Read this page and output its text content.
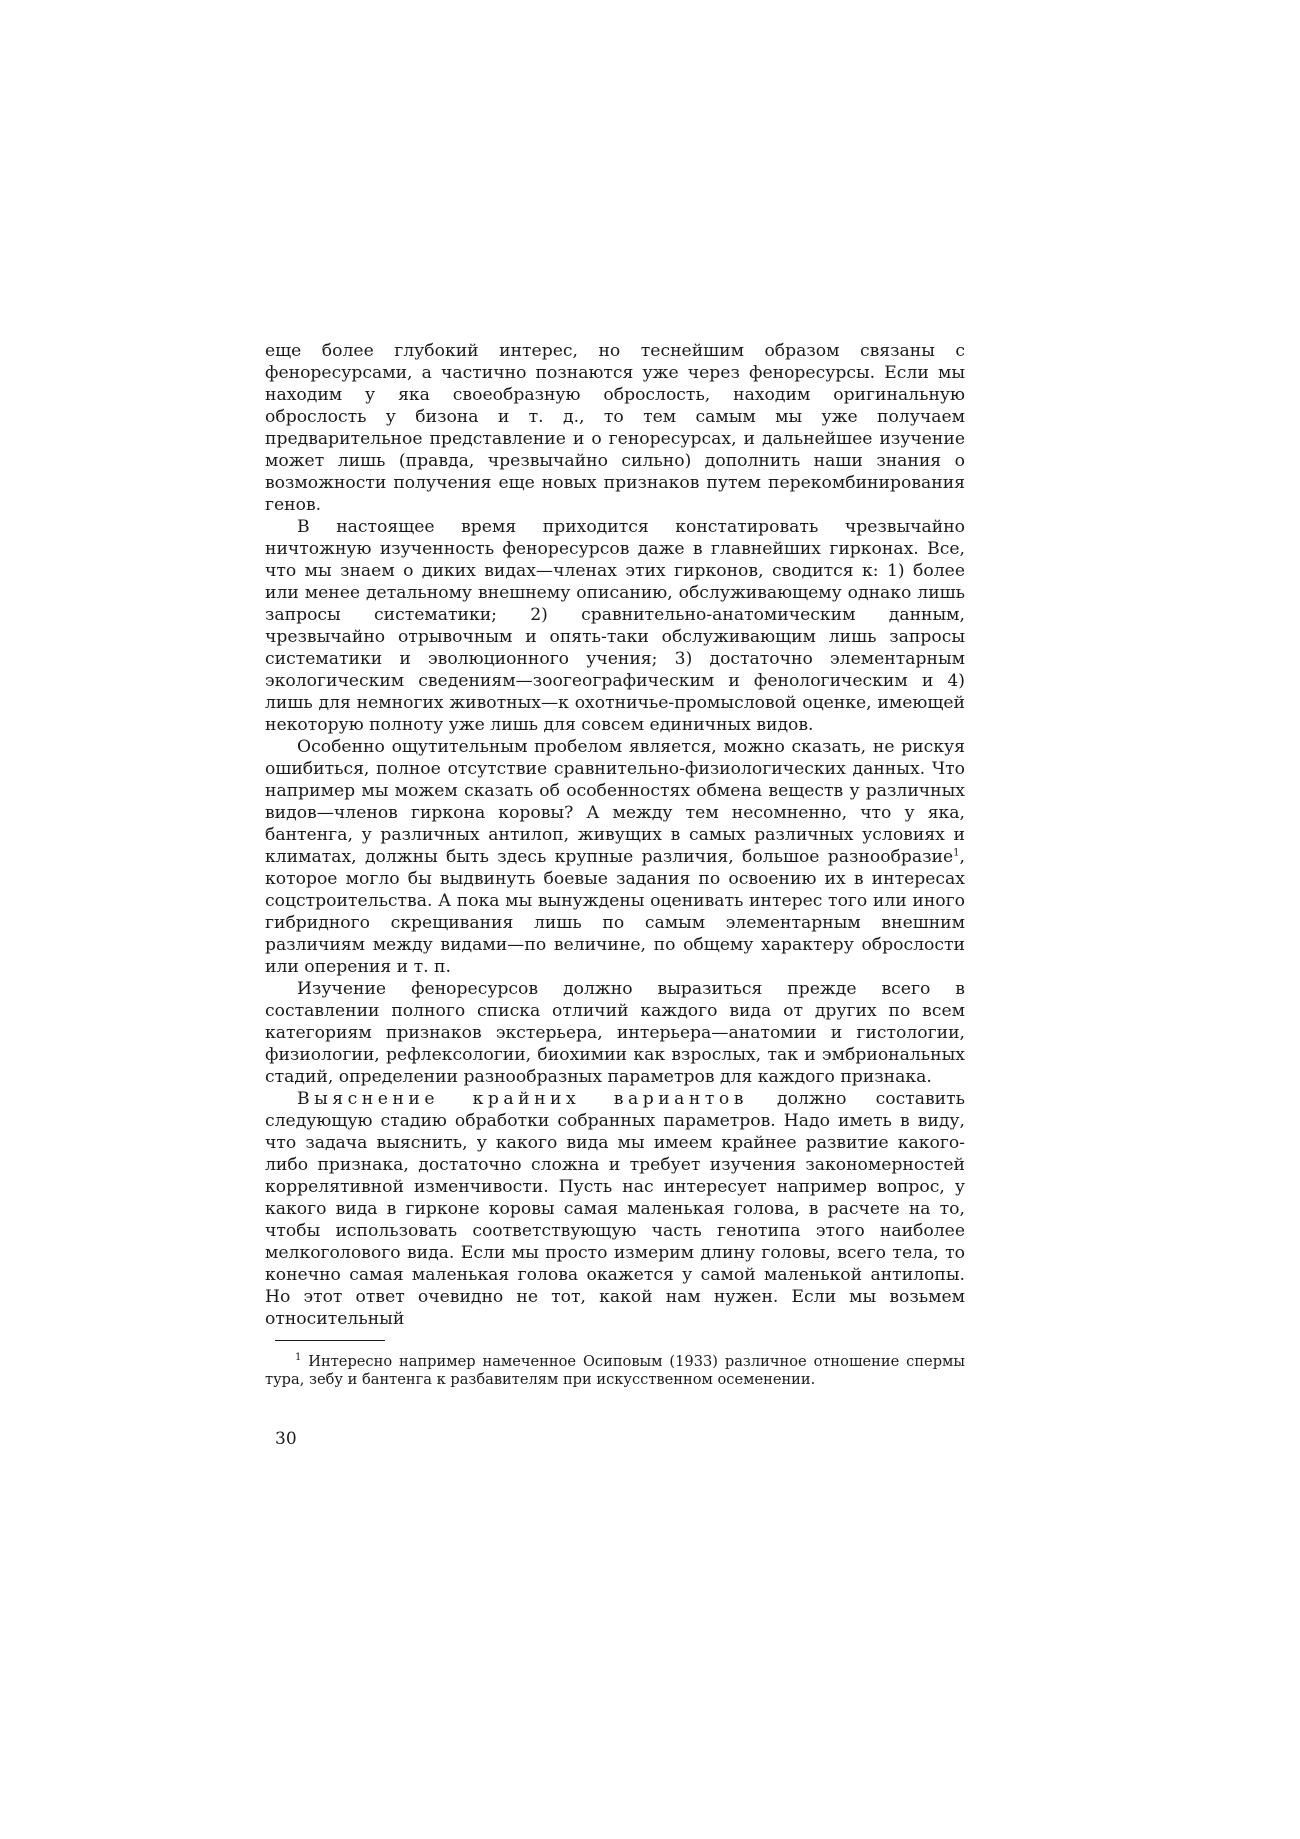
еще более глубокий интерес, но теснейшим образом связаны с феноресурсами, а частично познаются уже через феноресурсы. Если мы находим у яка своеобразную оброслость, находим оригинальную оброслость у бизона и т. д., то тем самым мы уже получаем предварительное представление и о генoресурсах, и дальнейшее изучение может лишь (правда, чрезвычайно сильно) дополнить наши знания о возможности получения еще новых признаков путем перекомбинирования генов.

В настоящее время приходится констатировать чрезвычайно ничтожную изученность феноресурсов даже в главнейших гирконах. Все, что мы знаем о диких видах—членах этих гирконов, сводится к: 1) более или менее детальному внешнему описанию, обслуживающему однако лишь запросы систематики; 2) сравнительно-анатомическим данным, чрезвычайно отрывочным и опять-таки обслуживающим лишь запросы систематики и эволюционного учения; 3) достаточно элементарным экологическим сведениям—зоогеографическим и фенологическим и 4) лишь для немногих животных—к охотничье-промысловой оценке, имеющей некоторую полноту уже лишь для совсем единичных видов.

Особенно ощутительным пробелом является, можно сказать, не рискуя ошибиться, полное отсутствие сравнительно-физиологических данных. Что например мы можем сказать об особенностях обмена веществ у различных видов—членов гиркона коровы? А между тем несомненно, что у яка, бантенга, у различных антилоп, живущих в самых различных условиях и климатах, должны быть здесь крупные различия, большое разнообразие$^1$, которое могло бы выдвинуть боевые задания по освоению их в интересах соцстроительства. А пока мы вынуждены оценивать интерес того или иного гибридного скрещивания лишь по самым элементарным внешним различиям между видами—по величине, по общему характеру оброслости или оперения и т. п.

Изучение феноресурсов должно выразиться прежде всего в составлении полного списка отличий каждого вида от других по всем категориям признаков экстерьера, интерьера—анатомии и гистологии, физиологии, рефлексологии, биохимии как взрослых, так и эмбриональных стадий, определении разнообразных параметров для каждого признака.

Выяснение крайних вариантов должно составить следующую стадию обработки собранных параметров. Надо иметь в виду, что задача выяснить, у какого вида мы имеем крайнее развитие какого-либо признака, достаточно сложна и требует изучения закономерностей коррелятивной изменчивости. Пусть нас интересует например вопрос, у какого вида в гирконе коровы самая маленькая голова, в расчете на то, чтобы использовать соответствующую часть генотипа этого наиболее мелкоголового вида. Если мы просто измерим длину головы, всего тела, то конечно самая маленькая голова окажется у самой маленькой антилопы. Но этот ответ очевидно не тот, какой нам нужен. Если мы возьмем относительный

$^1$ Интересно например намеченное Осиповым (1933) различное отношение спермы тура, зебу и бантенга к разбавителям при искусственном осеменении.

30
